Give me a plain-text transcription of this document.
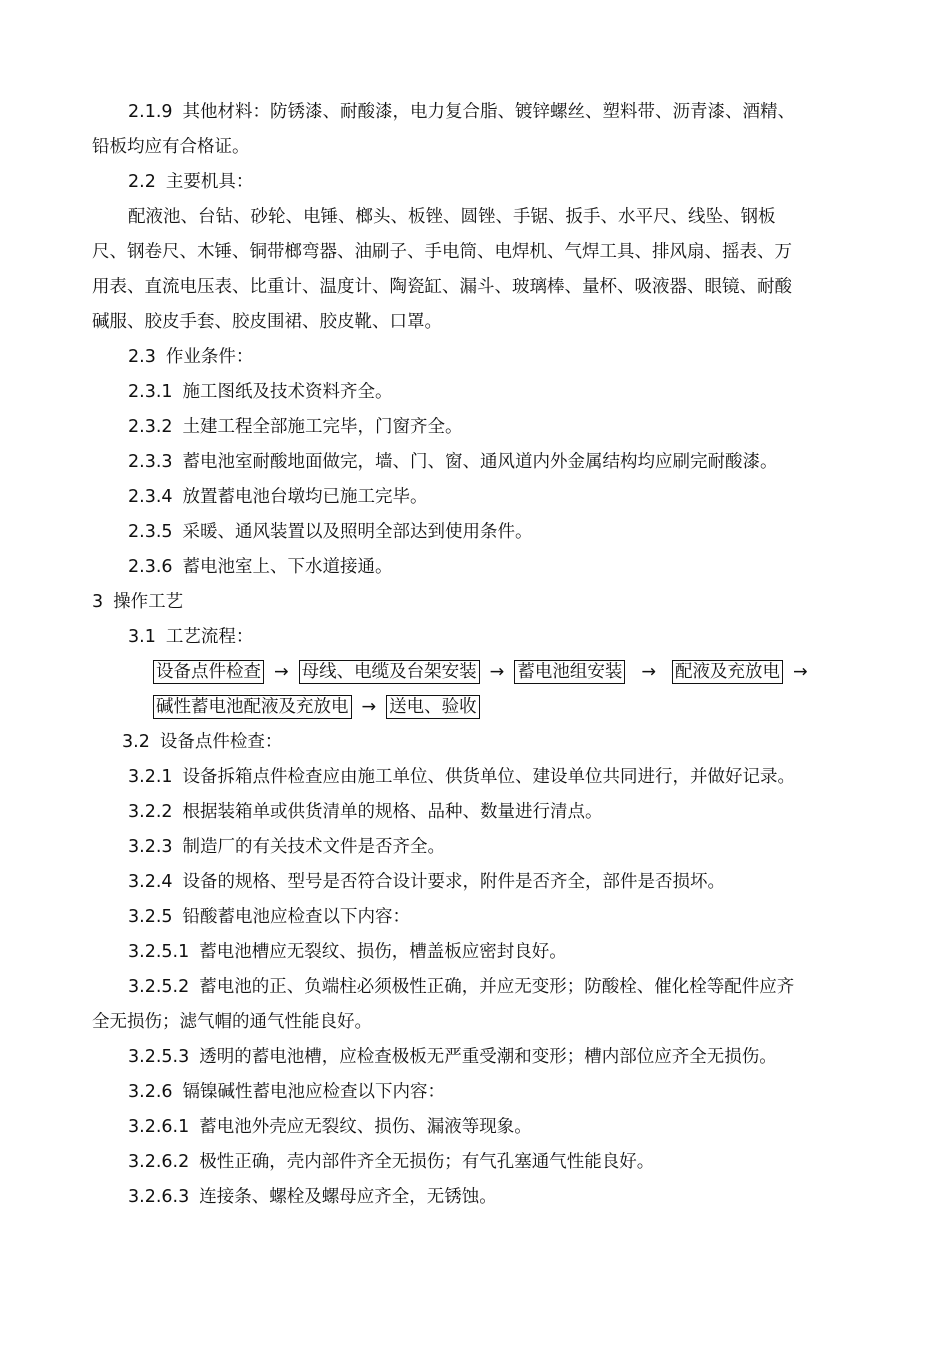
2.1.9 其他材料：防锈漆、耐酸漆，电力复合脂、镀锌螺丝、塑料带、沥青漆、酒精、
铅板均应有合格证。
2.2 主要机具：
配液池、台钻、砂轮、电锤、榔头、板锉、圆锉、手锯、扳手、水平尺、线坠、钢板
尺、钢卷尺、木锤、铜带榔弯器、油刷子、手电筒、电焊机、气焊工具、排风扇、摇表、万
用表、直流电压表、比重计、温度计、陶瓷缸、漏斗、玻璃棒、量杯、吸液器、眼镜、耐酸
碱服、胶皮手套、胶皮围裙、胶皮靴、口罩。
2.3 作业条件：
2.3.1 施工图纸及技术资料齐全。
2.3.2 土建工程全部施工完毕，门窗齐全。
2.3.3 蓄电池室耐酸地面做完，墙、门、窗、通风道内外金属结构均应刷完耐酸漆。
2.3.4 放置蓄电池台墩均已施工完毕。
2.3.5 采暖、通风装置以及照明全部达到使用条件。
2.3.6 蓄电池室上、下水道接通。
3 操作工艺
3.1 工艺流程：
设备点件检查 → 母线、电缆及台架安装 → 蓄电池组安装 → 配液及充放电 →
碱性蓄电池配液及充放电 → 送电、验收
3.2 设备点件检查：
3.2.1 设备拆箱点件检查应由施工单位、供货单位、建设单位共同进行，并做好记录。
3.2.2 根据装箱单或供货清单的规格、品种、数量进行清点。
3.2.3 制造厂的有关技术文件是否齐全。
3.2.4 设备的规格、型号是否符合设计要求，附件是否齐全，部件是否损坏。
3.2.5 铅酸蓄电池应检查以下内容：
3.2.5.1 蓄电池槽应无裂纹、损伤，槽盖板应密封良好。
3.2.5.2 蓄电池的正、负端柱必须极性正确，并应无变形；防酸栓、催化栓等配件应齐
全无损伤；滤气帽的通气性能良好。
3.2.5.3 透明的蓄电池槽，应检查极板无严重受潮和变形；槽内部位应齐全无损伤。
3.2.6 镉镍碱性蓄电池应检查以下内容：
3.2.6.1 蓄电池外壳应无裂纹、损伤、漏液等现象。
3.2.6.2 极性正确，壳内部件齐全无损伤；有气孔塞通气性能良好。
3.2.6.3 连接条、螺栓及螺母应齐全，无锈蚀。
